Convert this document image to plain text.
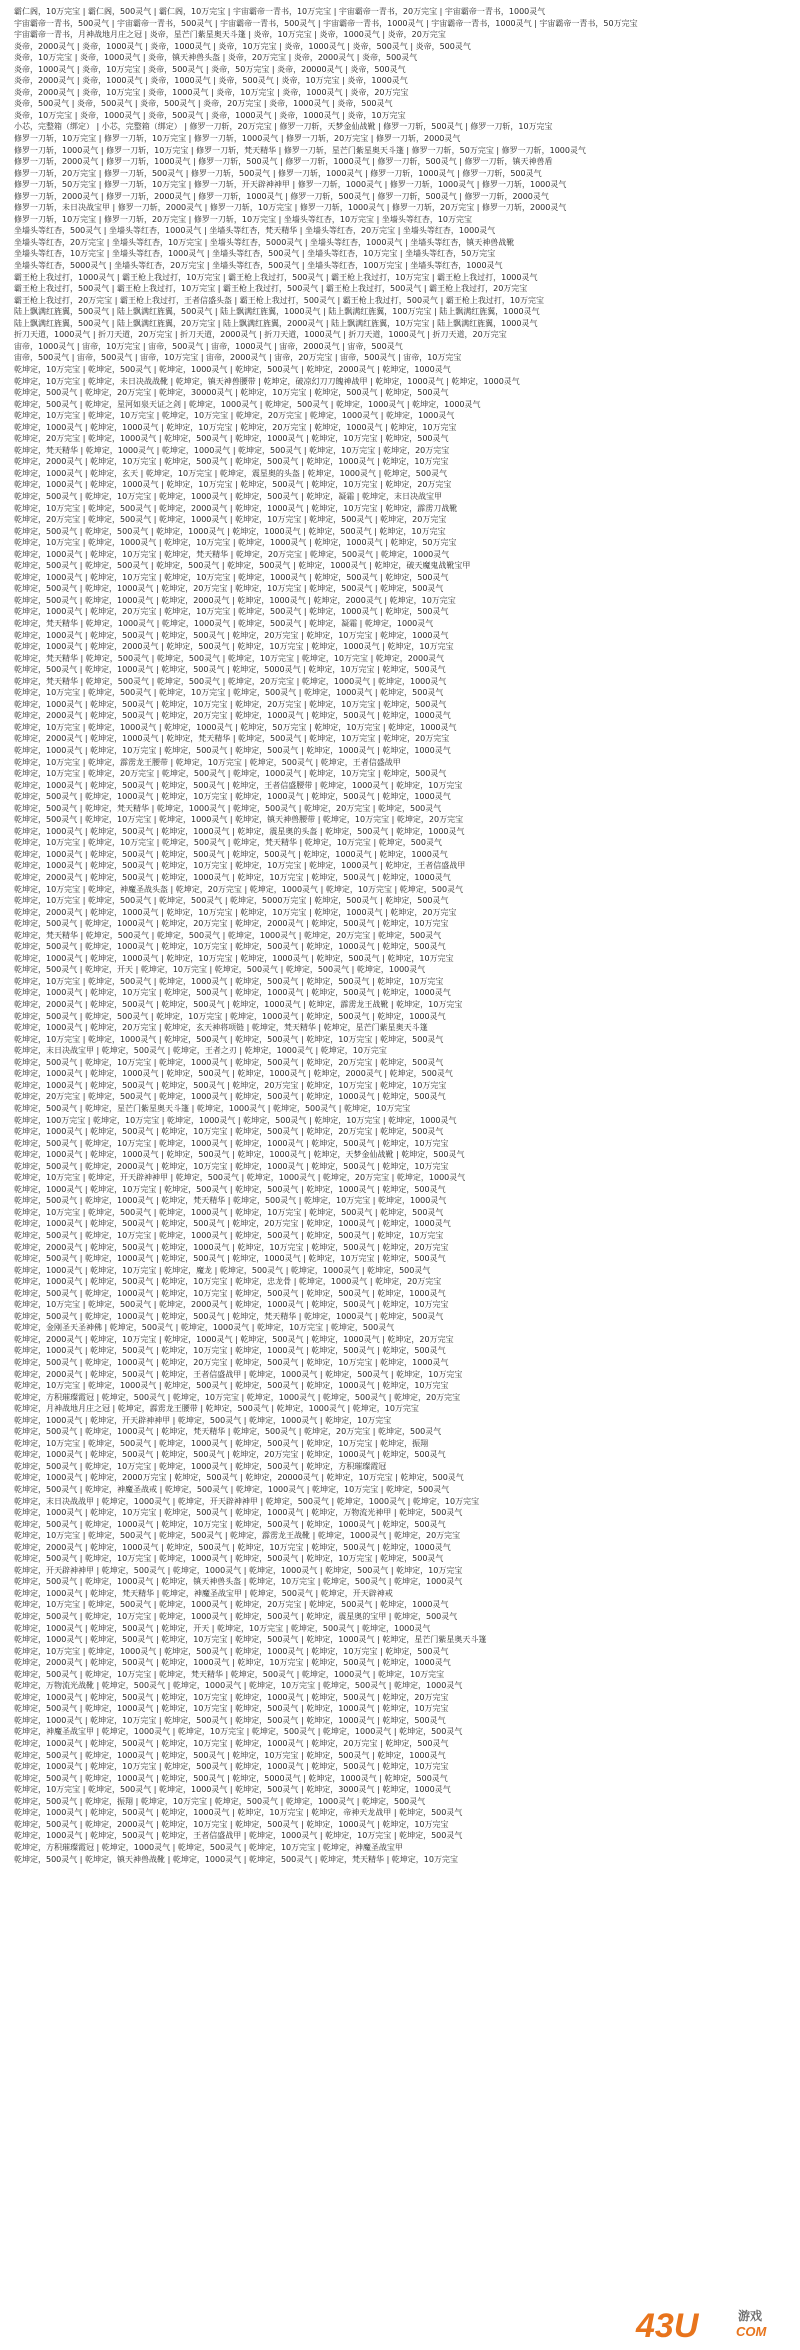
霸仁阁，10万完宝 | 霸仁阁，500灵气 | 霸仁阁，10万完宝 | 宇宙霸帝一青书，10万完宝 | 宇宙霸帝一青书，20万完宝 | 宇宙霸帝一青书，1000灵气

宇宙霸帝一青书，500灵气 | 宇宙霸帝一青书，500灵气 | 宇宙霸帝一青书，500灵气 | 宇宙霸帝一青书，1000灵气 | 宇宙霸帝一青书，1000灵气 | 宇宙霸帝一青书，50万完宝

宇宙霸帝一青书，月神战地月庄之冠 | 炎帝，星芒门紫星奥天斗篷 | 炎帝，10万完宝 | 炎帝，1000灵气 | 炎帝，20万完宝

炎帝，2000灵气 | 炎帝，1000灵气 | 炎帝，1000灵气 | 炎帝，10万完宝 | 炎帝，1000灵气 | 炎帝，500灵气 | 炎帝，500灵气

炎帝，10万完宝 | 炎帝，1000灵气 | 炎帝，镇天神兽头盔 | 炎帝，20万完宝 | 炎帝，2000灵气 | 炎帝，500灵气

炎帝，1000灵气 | 炎帝，10万完宝 | 炎帝，500灵气 | 炎帝，50万完宝 | 炎帝，20000灵气 | 炎帝，500灵气

炎帝，2000灵气 | 炎帝，1000灵气 | 炎帝，1000灵气 | 炎帝，500灵气 | 炎帝，10万完宝 | 炎帝，1000灵气

炎帝，2000灵气 | 炎帝，10万完宝 | 炎帝，1000灵气 | 炎帝，10万完宝 | 炎帝，1000灵气 | 炎帝，20万完宝

炎帝，500灵气 | 炎帝，500灵气 | 炎帝，500灵气 | 炎帝，20万完宝 | 炎帝，1000灵气 | 炎帝，500灵气

炎帝，10万完宝 | 炎帝，1000灵气 | 炎帝，500灵气 | 炎帝，1000灵气 | 炎帝，1000灵气 | 炎帝，10万完宝

小芯，完整箱（绑定） | 小芯，完整箱（绑定） | 修罗一刀斩，20万完宝 | 修罗一刀斩，天梦金仙战靴 | 修罗一刀斩，500灵气 | 修罗一刀斩，10万完宝

修罗一刀斩，10万完宝 | 修罗一刀斩，10万完宝 | 修罗一刀斩，1000灵气 | 修罗一刀斩，20万完宝 | 修罗一刀斩，2000灵气

修罗一刀斩，1000灵气 | 修罗一刀斩，10万完宝 | 修罗一刀斩，梵天精华 | 修罗一刀斩，星芒门紫星奥天斗篷 | 修罗一刀斩，50万完宝 | 修罗一刀斩，1000灵气

修罗一刀斩，2000灵气 | 修罗一刀斩，1000灵气 | 修罗一刀斩，500灵气 | 修罗一刀斩，1000灵气 | 修罗一刀斩，500灵气 | 修罗一刀斩，镇天神兽盾

修罗一刀斩，20万完宝 | 修罗一刀斩，500灵气 | 修罗一刀斩，500灵气 | 修罗一刀斩，1000灵气 | 修罗一刀斩，1000灵气 | 修罗一刀斩，500灵气

修罗一刀斩，50万完宝 | 修罗一刀斩，10万完宝 | 修罗一刀斩，开天辟神神甲 | 修罗一刀斩，1000灵气 | 修罗一刀斩，1000灵气 | 修罗一刀斩，1000灵气

修罗一刀斩，2000灵气 | 修罗一刀斩，2000灵气 | 修罗一刀斩，1000灵气 | 修罗一刀斩，500灵气 | 修罗一刀斩，500灵气 | 修罗一刀斩，2000灵气

修罗一刀斩，未日决战宝甲 | 修罗一刀斩，2000灵气 | 修罗一刀斩，10万完宝 | 修罗一刀斩，1000灵气 | 修罗一刀斩，20万完宝 | 修罗一刀斩，2000灵气

修罗一刀斩，10万完宝 | 修罗一刀斩，20万完宝 | 修罗一刀斩，10万完宝 | 坐墙头等红杏，10万完宝 | 坐墙头等红杏，10万完宝

坐墙头等红杏，500灵气 | 坐墙头等红杏，1000灵气 | 坐墙头等红杏，梵天精华 | 坐墙头等红杏，20万完宝 | 坐墙头等红杏，1000灵气

坐墙头等红杏，20万完宝 | 坐墙头等红杏，10万完宝 | 坐墙头等红杏，5000灵气 | 坐墙头等红杏，1000灵气 | 坐墙头等红杏，镇天神兽战靴

坐墙头等红杏，10万完宝 | 坐墙头等红杏，1000灵气 | 坐墙头等红杏，500灵气 | 坐墙头等红杏，10万完宝 | 坐墙头等红杏，50万完宝

坐墙头等红杏，5000灵气 | 坐墙头等红杏，20万完宝 | 坐墙头等红杏，500灵气 | 坐墙头等红杏，100万完宝 | 坐墙头等红杏，1000灵气

霸王枪上我过打，1000灵气 | 霸王枪上我过打，10万完宝 | 霸王枪上我过打，500灵气 | 霸王枪上我过打，10万完宝 | 霸王枪上我过打，1000灵气

霸王枪上我过打，500灵气 | 霸王枪上我过打，10万完宝 | 霸王枪上我过打，500灵气 | 霸王枪上我过打，500灵气 | 霸王枪上我过打，20万完宝

霸王枪上我过打，20万完宝 | 霸王枪上我过打，王者信盛头盔 | 霸王枪上我过打，500灵气 | 霸王枪上我过打，500灵气 | 霸王枪上我过打，10万完宝

陆上飘满红旌翼，500灵气 | 陆上飘满红旌翼，500灵气 | 陆上飘满红旌翼，1000灵气 | 陆上飘满红旌翼，100万完宝 | 陆上飘满红旌翼，1000灵气

陆上飘满红旌翼，500灵气 | 陆上飘满红旌翼，20万完宝 | 陆上飘满红旌翼，2000灵气 | 陆上飘满红旌翼，10万完宝 | 陆上飘满红旌翼，1000灵气

折刀天道，1000灵气 | 折刀天道，20万完宝 | 折刀天道，2000灵气 | 折刀天道，1000灵气 | 折刀天道，1000灵气 | 折刀天道，20万完宝

宙帝，1000灵气 | 宙帝，10万完宝 | 宙帝，500灵气 | 宙帝，1000灵气 | 宙帝，2000灵气 | 宙帝，500灵气

宙帝，500灵气 | 宙帝，500灵气 | 宙帝，10万完宝 | 宙帝，2000灵气 | 宙帝，20万完宝 | 宙帝，500灵气 | 宙帝，10万完宝

乾坤定，10万完宝 | 乾坤定，500灵气 | 乾坤定，1000灵气 | 乾坤定，500灵气 | 乾坤定，2000灵气 | 乾坤定，1000灵气

乾坤定，10万完宝 | 乾坤定，未日决战战靴 | 乾坤定，镇天神兽腰带 | 乾坤定，破凉幻刀刀魄神战甲 | 乾坤定，1000灵气 | 乾坤定，1000灵气

乾坤定，500灵气 | 乾坤定，20万完宝 | 乾坤定，30000灵气 | 乾坤定，10万完宝 | 乾坤定，500灵气 | 乾坤定，500灵气

乾坤定，500灵气 | 乾坤定，星河如泉天证之剑 | 乾坤定，1000灵气 | 乾坤定，500灵气 | 乾坤定，1000灵气 | 乾坤定，1000灵气

乾坤定，10万完宝 | 乾坤定，10万完宝 | 乾坤定，10万完宝 | 乾坤定，20万完宝 | 乾坤定，1000灵气 | 乾坤定，1000灵气

乾坤定，1000灵气 | 乾坤定，1000灵气 | 乾坤定，10万完宝 | 乾坤定，20万完宝 | 乾坤定，1000灵气 | 乾坤定，10万完宝

乾坤定，20万完宝 | 乾坤定，1000灵气 | 乾坤定，500灵气 | 乾坤定，1000灵气 | 乾坤定，10万完宝 | 乾坤定，500灵气

乾坤定，梵天精华 | 乾坤定，1000灵气 | 乾坤定，1000灵气 | 乾坤定，500灵气 | 乾坤定，10万完宝 | 乾坤定，20万完宝

乾坤定，2000灵气 | 乾坤定，10万完宝 | 乾坤定，500灵气 | 乾坤定，500灵气 | 乾坤定，1000灵气 | 乾坤定，10万完宝

乾坤定，1000灵气 | 乾坤定，玄天 | 乾坤定，10万完宝 | 乾坤定，震星奥的头盔 | 乾坤定，1000灵气 | 乾坤定，500灵气

乾坤定，1000灵气 | 乾坤定，1000灵气 | 乾坤定，10万完宝 | 乾坤定，500灵气 | 乾坤定，10万完宝 | 乾坤定，20万完宝

乾坤定，500灵气 | 乾坤定，10万完宝 | 乾坤定，1000灵气 | 乾坤定，500灵气 | 乾坤定，凝霜 | 乾坤定，末日决战宝甲

乾坤定，10万完宝 | 乾坤定，500灵气 | 乾坤定，2000灵气 | 乾坤定，1000灵气 | 乾坤定，10万完宝 | 乾坤定，霹雳刀战靴

乾坤定，20万完宝 | 乾坤定，500灵气 | 乾坤定，1000灵气 | 乾坤定，10万完宝 | 乾坤定，500灵气 | 乾坤定，20万完宝

乾坤定，500灵气 | 乾坤定，500灵气 | 乾坤定，1000灵气 | 乾坤定，1000灵气 | 乾坤定，500灵气 | 乾坤定，10万完宝

乾坤定，10万完宝 | 乾坤定，1000灵气 | 乾坤定，10万完宝 | 乾坤定，1000灵气 | 乾坤定，1000灵气 | 乾坤定，50万完宝

乾坤定，1000灵气 | 乾坤定，10万完宝 | 乾坤定，梵天精华 | 乾坤定，20万完宝 | 乾坤定，500灵气 | 乾坤定，1000灵气

乾坤定，500灵气 | 乾坤定，500灵气 | 乾坤定，500灵气 | 乾坤定，500灵气 | 乾坤定，1000灵气 | 乾坤定，破天魔鬼战靴宝甲

乾坤定，1000灵气 | 乾坤定，10万完宝 | 乾坤定，10万完宝 | 乾坤定，1000灵气 | 乾坤定，500灵气 | 乾坤定，500灵气

乾坤定，500灵气 | 乾坤定，1000灵气 | 乾坤定，20万完宝 | 乾坤定，10万完宝 | 乾坤定，500灵气 | 乾坤定，500灵气

乾坤定，500灵气 | 乾坤定，1000灵气 | 乾坤定，2000灵气 | 乾坤定，1000灵气 | 乾坤定，2000灵气 | 乾坤定，10万完宝

乾坤定，1000灵气 | 乾坤定，20万完宝 | 乾坤定，10万完宝 | 乾坤定，500灵气 | 乾坤定，1000灵气 | 乾坤定，500灵气

乾坤定，梵天精华 | 乾坤定，1000灵气 | 乾坤定，1000灵气 | 乾坤定，500灵气 | 乾坤定，凝霜 | 乾坤定，1000灵气

乾坤定，1000灵气 | 乾坤定，500灵气 | 乾坤定，500灵气 | 乾坤定，20万完宝 | 乾坤定，10万完宝 | 乾坤定，1000灵气

乾坤定，1000灵气 | 乾坤定，2000灵气 | 乾坤定，500灵气 | 乾坤定，10万完宝 | 乾坤定，1000灵气 | 乾坤定，10万完宝

乾坤定，梵天精华 | 乾坤定，500灵气 | 乾坤定，500灵气 | 乾坤定，10万完宝 | 乾坤定，10万完宝 | 乾坤定，2000灵气

乾坤定，500灵气 | 乾坤定，1000灵气 | 乾坤定，500灵气 | 乾坤定，5000灵气 | 乾坤定，10万完宝 | 乾坤定，500灵气

乾坤定，梵天精华 | 乾坤定，500灵气 | 乾坤定，500灵气 | 乾坤定，20万完宝 | 乾坤定，1000灵气 | 乾坤定，1000灵气

乾坤定，10万完宝 | 乾坤定，500灵气 | 乾坤定，10万完宝 | 乾坤定，500灵气 | 乾坤定，1000灵气 | 乾坤定，500灵气

乾坤定，1000灵气 | 乾坤定，500灵气 | 乾坤定，10万完宝 | 乾坤定，20万完宝 | 乾坤定，10万完宝 | 乾坤定，500灵气

乾坤定，2000灵气 | 乾坤定，500灵气 | 乾坤定，20万完宝 | 乾坤定，1000灵气 | 乾坤定，500灵气 | 乾坤定，1000灵气

乾坤定，10万完宝 | 乾坤定，1000灵气 | 乾坤定，1000灵气 | 乾坤定，50万完宝 | 乾坤定，10万完宝 | 乾坤定，1000灵气

乾坤定，2000灵气 | 乾坤定，1000灵气 | 乾坤定，梵天精华 | 乾坤定，500灵气 | 乾坤定，10万完宝 | 乾坤定，20万完宝

乾坤定，1000灵气 | 乾坤定，10万完宝 | 乾坤定，500灵气 | 乾坤定，500灵气 | 乾坤定，1000灵气 | 乾坤定，1000灵气

乾坤定，10万完宝 | 乾坤定，霹雳龙王腰带 | 乾坤定，10万完宝 | 乾坤定，500灵气 | 乾坤定，王者信盛战甲

乾坤定，10万完宝 | 乾坤定，20万完宝 | 乾坤定，500灵气 | 乾坤定，1000灵气 | 乾坤定，10万完宝 | 乾坤定，500灵气

乾坤定，1000灵气 | 乾坤定，500灵气 | 乾坤定，500灵气 | 乾坤定，王者信盛腰带 | 乾坤定，1000灵气 | 乾坤定，10万完宝

乾坤定，500灵气 | 乾坤定，1000灵气 | 乾坤定，10万完宝 | 乾坤定，1000灵气 | 乾坤定，500灵气 | 乾坤定，1000灵气

乾坤定，500灵气 | 乾坤定，梵天精华 | 乾坤定，1000灵气 | 乾坤定，500灵气 | 乾坤定，20万完宝 | 乾坤定，500灵气

乾坤定，500灵气 | 乾坤定，10万完宝 | 乾坤定，1000灵气 | 乾坤定，镇天神兽腰带 | 乾坤定，10万完宝 | 乾坤定，20万完宝

乾坤定，1000灵气 | 乾坤定，500灵气 | 乾坤定，1000灵气 | 乾坤定，震星奥的头盔 | 乾坤定，500灵气 | 乾坤定，1000灵气

乾坤定，10万完宝 | 乾坤定，10万完宝 | 乾坤定，500灵气 | 乾坤定，梵天精华 | 乾坤定，10万完宝 | 乾坤定，500灵气

乾坤定，1000灵气 | 乾坤定，500灵气 | 乾坤定，500灵气 | 乾坤定，500灵气 | 乾坤定，1000灵气 | 乾坤定，1000灵气

乾坤定，1000灵气 | 乾坤定，500灵气 | 乾坤定，10万完宝 | 乾坤定，10万完宝 | 乾坤定，1000灵气 | 乾坤定，王者信盛战甲

乾坤定，2000灵气 | 乾坤定，500灵气 | 乾坤定，1000灵气 | 乾坤定，10万完宝 | 乾坤定，500灵气 | 乾坤定，1000灵气

乾坤定，10万完宝 | 乾坤定，神魔圣战头盔 | 乾坤定，20万完宝 | 乾坤定，1000灵气 | 乾坤定，10万完宝 | 乾坤定，500灵气

乾坤定，10万完宝 | 乾坤定，500灵气 | 乾坤定，500灵气 | 乾坤定，5000万完宝 | 乾坤定，500灵气 | 乾坤定，500灵气

乾坤定，2000灵气 | 乾坤定，1000灵气 | 乾坤定，10万完宝 | 乾坤定，10万完宝 | 乾坤定，1000灵气 | 乾坤定，20万完宝

乾坤定，500灵气 | 乾坤定，1000灵气 | 乾坤定，20万完宝 | 乾坤定，2000灵气 | 乾坤定，500灵气 | 乾坤定，10万完宝

乾坤定，梵天精华 | 乾坤定，500灵气 | 乾坤定，500灵气 | 乾坤定，1000灵气 | 乾坤定，20万完宝 | 乾坤定，500灵气

乾坤定，500灵气 | 乾坤定，1000灵气 | 乾坤定，10万完宝 | 乾坤定，500灵气 | 乾坤定，1000灵气 | 乾坤定，500灵气

乾坤定，1000灵气 | 乾坤定，1000灵气 | 乾坤定，10万完宝 | 乾坤定，1000灵气 | 乾坤定，500灵气 | 乾坤定，10万完宝

乾坤定，500灵气 | 乾坤定，开天 | 乾坤定，10万完宝 | 乾坤定，500灵气 | 乾坤定，500灵气 | 乾坤定，1000灵气

乾坤定，10万完宝 | 乾坤定，500灵气 | 乾坤定，1000灵气 | 乾坤定，500灵气 | 乾坤定，500灵气 | 乾坤定，10万完宝

乾坤定，1000灵气 | 乾坤定，10万完宝 | 乾坤定，500灵气 | 乾坤定，1000灵气 | 乾坤定，500灵气 | 乾坤定，1000灵气

乾坤定，2000灵气 | 乾坤定，500灵气 | 乾坤定，500灵气 | 乾坤定，1000灵气 | 乾坤定，霹雳龙王战靴 | 乾坤定，10万完宝

乾坤定，500灵气 | 乾坤定，500灵气 | 乾坤定，10万完宝 | 乾坤定，1000灵气 | 乾坤定，500灵气 | 乾坤定，1000灵气

乾坤定，1000灵气 | 乾坤定，20万完宝 | 乾坤定，玄天神将项链 | 乾坤定，梵天精华 | 乾坤定，星芒门紫星奥天斗篷

乾坤定，10万完宝 | 乾坤定，1000灵气 | 乾坤定，500灵气 | 乾坤定，500灵气 | 乾坤定，10万完宝 | 乾坤定，500灵气

乾坤定，末日决战宝甲 | 乾坤定，500灵气 | 乾坤定，王者之刃 | 乾坤定，1000灵气 | 乾坤定，10万完宝

乾坤定，500灵气 | 乾坤定，10万完宝 | 乾坤定，1000灵气 | 乾坤定，500灵气 | 乾坤定，20万完宝 | 乾坤定，500灵气

乾坤定，1000灵气 | 乾坤定，1000灵气 | 乾坤定，500灵气 | 乾坤定，1000灵气 | 乾坤定，2000灵气 | 乾坤定，500灵气

乾坤定，1000灵气 | 乾坤定，500灵气 | 乾坤定，500灵气 | 乾坤定，20万完宝 | 乾坤定，10万完宝 | 乾坤定，10万完宝

乾坤定，20万完宝 | 乾坤定，500灵气 | 乾坤定，1000灵气 | 乾坤定，500灵气 | 乾坤定，1000灵气 | 乾坤定，500灵气

乾坤定，500灵气 | 乾坤定，星芒门紫星奥天斗篷 | 乾坤定，1000灵气 | 乾坤定，500灵气 | 乾坤定，10万完宝

乾坤定，100万完宝 | 乾坤定，10万完宝 | 乾坤定，1000灵气 | 乾坤定，500灵气 | 乾坤定，10万完宝 | 乾坤定，1000灵气

乾坤定，1000灵气 | 乾坤定，500灵气 | 乾坤定，10万完宝 | 乾坤定，500灵气 | 乾坤定，20万完宝 | 乾坤定，500灵气

乾坤定，500灵气 | 乾坤定，10万完宝 | 乾坤定，1000灵气 | 乾坤定，1000灵气 | 乾坤定，500灵气 | 乾坤定，10万完宝

乾坤定，1000灵气 | 乾坤定，1000灵气 | 乾坤定，500灵气 | 乾坤定，1000灵气 | 乾坤定，天梦金仙战靴 | 乾坤定，500灵气

乾坤定，500灵气 | 乾坤定，2000灵气 | 乾坤定，10万完宝 | 乾坤定，1000灵气 | 乾坤定，500灵气 | 乾坤定，10万完宝

乾坤定，10万完宝 | 乾坤定，开天辟神神甲 | 乾坤定，500灵气 | 乾坤定，1000灵气 | 乾坤定，20万完宝 | 乾坤定，1000灵气

乾坤定，1000灵气 | 乾坤定，10万完宝 | 乾坤定，500灵气 | 乾坤定，500灵气 | 乾坤定，1000灵气 | 乾坤定，500灵气

乾坤定，500灵气 | 乾坤定，1000灵气 | 乾坤定，梵天精华 | 乾坤定，500灵气 | 乾坤定，10万完宝 | 乾坤定，1000灵气

乾坤定，10万完宝 | 乾坤定，500灵气 | 乾坤定，1000灵气 | 乾坤定，10万完宝 | 乾坤定，500灵气 | 乾坤定，500灵气

乾坤定，1000灵气 | 乾坤定，500灵气 | 乾坤定，500灵气 | 乾坤定，20万完宝 | 乾坤定，1000灵气 | 乾坤定，1000灵气

乾坤定，500灵气 | 乾坤定，10万完宝 | 乾坤定，1000灵气 | 乾坤定，500灵气 | 乾坤定，500灵气 | 乾坤定，10万完宝

乾坤定，2000灵气 | 乾坤定，500灵气 | 乾坤定，1000灵气 | 乾坤定，10万完宝 | 乾坤定，500灵气 | 乾坤定，20万完宝

乾坤定，500灵气 | 乾坤定，1000灵气 | 乾坤定，500灵气 | 乾坤定，1000灵气 | 乾坤定，10万完宝 | 乾坤定，500灵气

乾坤定，1000灵气 | 乾坤定，10万完宝 | 乾坤定，魔龙 | 乾坤定，500灵气 | 乾坤定，1000灵气 | 乾坤定，500灵气

乾坤定，1000灵气 | 乾坤定，500灵气 | 乾坤定，10万完宝 | 乾坤定，忠龙骨 | 乾坤定，1000灵气 | 乾坤定，20万完宝

乾坤定，500灵气 | 乾坤定，1000灵气 | 乾坤定，10万完宝 | 乾坤定，500灵气 | 乾坤定，500灵气 | 乾坤定，1000灵气

乾坤定，10万完宝 | 乾坤定，500灵气 | 乾坤定，2000灵气 | 乾坤定，1000灵气 | 乾坤定，500灵气 | 乾坤定，10万完宝

乾坤定，500灵气 | 乾坤定，1000灵气 | 乾坤定，500灵气 | 乾坤定，梵天精华 | 乾坤定，1000灵气 | 乾坤定，500灵气

乾坤定，金刚圣天圣神佛 | 乾坤定，500灵气 | 乾坤定，1000灵气 | 乾坤定，10万完宝 | 乾坤定，500灵气

乾坤定，2000灵气 | 乾坤定，10万完宝 | 乾坤定，1000灵气 | 乾坤定，500灵气 | 乾坤定，1000灵气 | 乾坤定，20万完宝

乾坤定，1000灵气 | 乾坤定，500灵气 | 乾坤定，10万完宝 | 乾坤定，1000灵气 | 乾坤定，500灵气 | 乾坤定，500灵气

乾坤定，500灵气 | 乾坤定，1000灵气 | 乾坤定，20万完宝 | 乾坤定，500灵气 | 乾坤定，10万完宝 | 乾坤定，1000灵气

乾坤定，2000灵气 | 乾坤定，500灵气 | 乾坤定，王者信盛战甲 | 乾坤定，1000灵气 | 乾坤定，500灵气 | 乾坤定，10万完宝

乾坤定，10万完宝 | 乾坤定，1000灵气 | 乾坤定，500灵气 | 乾坤定，500灵气 | 乾坤定，1000灵气 | 乾坤定，10万完宝

乾坤定，方积璀璨霞冠 | 乾坤定，500灵气 | 乾坤定，10万完宝 | 乾坤定，1000灵气 | 乾坤定，500灵气 | 乾坤定，20万完宝

乾坤定，月神战地月庄之冠 | 乾坤定，霹雳龙王腰带 | 乾坤定，500灵气 | 乾坤定，1000灵气 | 乾坤定，10万完宝

乾坤定，1000灵气 | 乾坤定，开天辟神神甲 | 乾坤定，500灵气 | 乾坤定，1000灵气 | 乾坤定，10万完宝

乾坤定，500灵气 | 乾坤定，1000灵气 | 乾坤定，梵天精华 | 乾坤定，500灵气 | 乾坤定，20万完宝 | 乾坤定，500灵气

乾坤定，10万完宝 | 乾坤定，500灵气 | 乾坤定，1000灵气 | 乾坤定，500灵气 | 乾坤定，10万完宝 | 乾坤定，振翔

乾坤定，1000灵气 | 乾坤定，500灵气 | 乾坤定，500灵气 | 乾坤定，20万完宝 | 乾坤定，1000灵气 | 乾坤定，500灵气

乾坤定，500灵气 | 乾坤定，10万完宝 | 乾坤定，1000灵气 | 乾坤定，500灵气 | 乾坤定，方积璀璨霞冠

乾坤定，1000灵气 | 乾坤定，2000万完宝 | 乾坤定，500灵气 | 乾坤定，20000灵气 | 乾坤定，10万完宝 | 乾坤定，500灵气

乾坤定，500灵气 | 乾坤定，神魔圣战戒 | 乾坤定，500灵气 | 乾坤定，1000灵气 | 乾坤定，10万完宝 | 乾坤定，500灵气

乾坤定，末日决战战甲 | 乾坤定，1000灵气 | 乾坤定，开天辟神神甲 | 乾坤定，500灵气 | 乾坤定，1000灵气 | 乾坤定，10万完宝

乾坤定，1000灵气 | 乾坤定，10万完宝 | 乾坤定，500灵气 | 乾坤定，1000灵气 | 乾坤定，万物流光神甲 | 乾坤定，500灵气

乾坤定，500灵气 | 乾坤定，1000灵气 | 乾坤定，10万完宝 | 乾坤定，500灵气 | 乾坤定，1000灵气 | 乾坤定，500灵气

乾坤定，10万完宝 | 乾坤定，500灵气 | 乾坤定，500灵气 | 乾坤定，霹雳龙王战靴 | 乾坤定，1000灵气 | 乾坤定，20万完宝

乾坤定，2000灵气 | 乾坤定，1000灵气 | 乾坤定，500灵气 | 乾坤定，10万完宝 | 乾坤定，500灵气 | 乾坤定，1000灵气

乾坤定，500灵气 | 乾坤定，10万完宝 | 乾坤定，1000灵气 | 乾坤定，500灵气 | 乾坤定，10万完宝 | 乾坤定，500灵气

乾坤定，开天辟神神甲 | 乾坤定，500灵气 | 乾坤定，1000灵气 | 乾坤定，1000灵气 | 乾坤定，500灵气 | 乾坤定，10万完宝

乾坤定，500灵气 | 乾坤定，1000灵气 | 乾坤定，镇天神兽头盔 | 乾坤定，10万完宝 | 乾坤定，500灵气 | 乾坤定，1000灵气

乾坤定，1000灵气 | 乾坤定，梵天精华 | 乾坤定，神魔圣战宝甲 | 乾坤定，500灵气 | 乾坤定，开天辟神戒

乾坤定，10万完宝 | 乾坤定，500灵气 | 乾坤定，1000灵气 | 乾坤定，20万完宝 | 乾坤定，500灵气 | 乾坤定，1000灵气

乾坤定，500灵气 | 乾坤定，10万完宝 | 乾坤定，1000灵气 | 乾坤定，500灵气 | 乾坤定，震星奥的宝甲 | 乾坤定，500灵气

乾坤定，1000灵气 | 乾坤定，500灵气 | 乾坤定，开天 | 乾坤定，10万完宝 | 乾坤定，500灵气 | 乾坤定，1000灵气

乾坤定，1000灵气 | 乾坤定，500灵气 | 乾坤定，10万完宝 | 乾坤定，500灵气 | 乾坤定，1000灵气 | 乾坤定，星芒门紫星奥天斗篷

乾坤定，10万完宝 | 乾坤定，1000灵气 | 乾坤定，500灵气 | 乾坤定，1000灵气 | 乾坤定，10万完宝 | 乾坤定，500灵气

乾坤定，2000灵气 | 乾坤定，500灵气 | 乾坤定，1000灵气 | 乾坤定，10万完宝 | 乾坤定，500灵气 | 乾坤定，1000灵气

乾坤定，500灵气 | 乾坤定，10万完宝 | 乾坤定，梵天精华 | 乾坤定，500灵气 | 乾坤定，1000灵气 | 乾坤定，10万完宝

乾坤定，万物流光战靴 | 乾坤定，500灵气 | 乾坤定，1000灵气 | 乾坤定，10万完宝 | 乾坤定，500灵气 | 乾坤定，1000灵气

乾坤定，1000灵气 | 乾坤定，500灵气 | 乾坤定，10万完宝 | 乾坤定，1000灵气 | 乾坤定，500灵气 | 乾坤定，20万完宝

乾坤定，500灵气 | 乾坤定，1000灵气 | 乾坤定，10万完宝 | 乾坤定，500灵气 | 乾坤定，1000灵气 | 乾坤定，10万完宝

乾坤定，1000灵气 | 乾坤定，10万完宝 | 乾坤定，500灵气 | 乾坤定，500灵气 | 乾坤定，1000灵气 | 乾坤定，500灵气

乾坤定，神魔圣战宝甲 | 乾坤定，1000灵气 | 乾坤定，10万完宝 | 乾坤定，500灵气 | 乾坤定，1000灵气 | 乾坤定，500灵气

乾坤定，1000灵气 | 乾坤定，500灵气 | 乾坤定，10万完宝 | 乾坤定，1000灵气 | 乾坤定，20万完宝 | 乾坤定，500灵气

乾坤定，500灵气 | 乾坤定，1000灵气 | 乾坤定，500灵气 | 乾坤定，10万完宝 | 乾坤定，500灵气 | 乾坤定，1000灵气

乾坤定，1000灵气 | 乾坤定，10万完宝 | 乾坤定，500灵气 | 乾坤定，1000灵气 | 乾坤定，500灵气 | 乾坤定，10万完宝

乾坤定，500灵气 | 乾坤定，1000灵气 | 乾坤定，500灵气 | 乾坤定，5000灵气 | 乾坤定，1000灵气 | 乾坤定，500灵气

乾坤定，10万完宝 | 乾坤定，500灵气 | 乾坤定，1000灵气 | 乾坤定，500灵气 | 乾坤定，3000灵气 | 乾坤定，1000灵气

乾坤定，500灵气 | 乾坤定，振翔 | 乾坤定，10万完宝 | 乾坤定，500灵气 | 乾坤定，1000灵气 | 乾坤定，500灵气

乾坤定，1000灵气 | 乾坤定，500灵气 | 乾坤定，1000灵气 | 乾坤定，10万完宝 | 乾坤定，帝神天龙战甲 | 乾坤定，500灵气

乾坤定，500灵气 | 乾坤定，2000灵气 | 乾坤定，10万完宝 | 乾坤定，500灵气 | 乾坤定，1000灵气 | 乾坤定，10万完宝

乾坤定，1000灵气 | 乾坤定，500灵气 | 乾坤定，王者信盛战甲 | 乾坤定，1000灵气 | 乾坤定，10万完宝 | 乾坤定，500灵气

乾坤定，方积璀璨霞冠 | 乾坤定，1000灵气 | 乾坤定，500灵气 | 乾坤定，10万完宝 | 乾坤定，神魔圣战宝甲

乾坤定，500灵气 | 乾坤定，镇天神兽战靴 | 乾坤定，1000灵气 | 乾坤定，500灵气 | 乾坤定，梵天精华 | 乾坤定，10万完宝

43U	游戏
COM
